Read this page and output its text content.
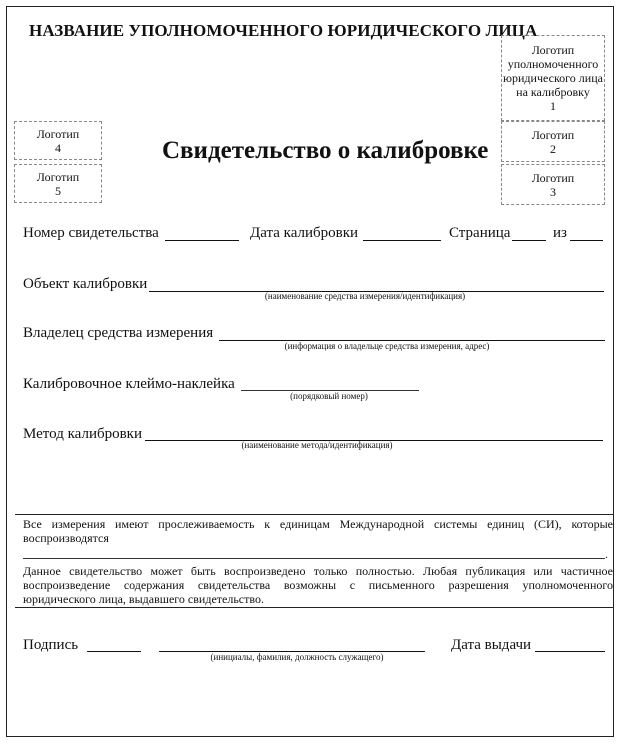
НАЗВАНИЕ УПОЛНОМОЧЕННОГО ЮРИДИЧЕСКОГО ЛИЦА
Логотип уполномоченного юридического лица на калибровку
1
Логотип
2
Логотип
3
Логотип
4
Логотип
5
Свидетельство о калибровке
Номер свидетельства	Дата калибровки	Страница	из
Объект калибровки
(наименование средства измерения/идентификация)
Владелец средства измерения
(информация о владельце средства измерения, адрес)
Калибровочное клеймо-наклейка
(порядковый номер)
Метод калибровки
(наименование метода/идентификация)
Все измерения имеют прослеживаемость к единицам Международной системы единиц (СИ), которые воспроизводятся
.
Данное свидетельство может быть воспроизведено только полностью. Любая публикация или частичное воспроизведение содержания свидетельства возможны с письменного разрешения уполномоченного юридического лица, выдавшего свидетельство.
Подпись
(инициалы, фамилия, должность служащего)
Дата выдачи
